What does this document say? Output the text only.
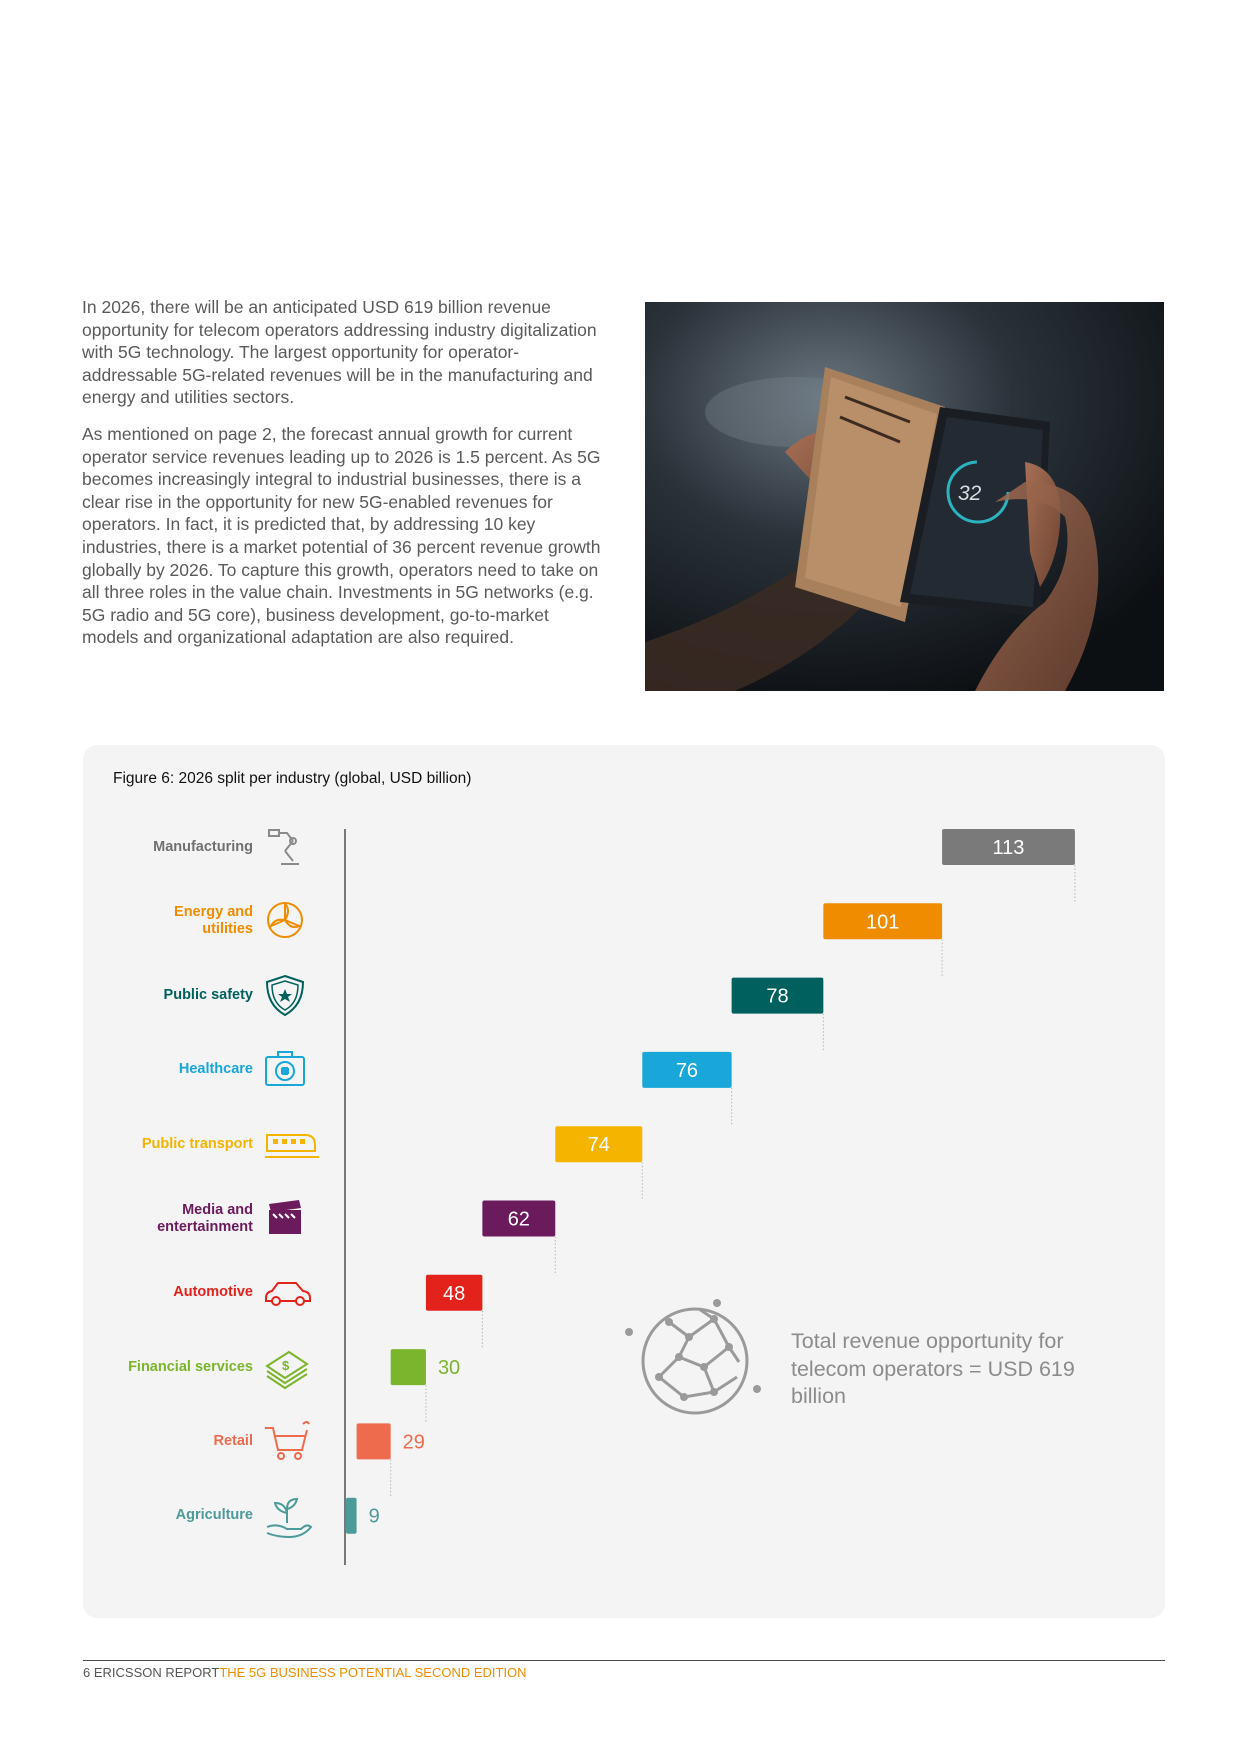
In 2026, there will be an anticipated USD 619 billion revenue opportunity for telecom operators addressing industry digitalization with 5G technology. The largest opportunity for operator-addressable 5G-related revenues will be in the manufacturing and energy and utilities sectors.

As mentioned on page 2, the forecast annual growth for current operator service revenues leading up to 2026 is 1.5 percent. As 5G becomes increasingly integral to industrial businesses, there is a clear rise in the opportunity for new 5G-enabled revenues for operators. In fact, it is predicted that, by addressing 10 key industries, there is a market potential of 36 percent revenue growth globally by 2026. To capture this growth, operators need to take on all three roles in the value chain. Investments in 5G networks (e.g. 5G radio and 5G core), business development, go-to-market models and organizational adaptation are also required.

32
Figure 6: 2026 split per industry (global, USD billion)
Manufacturing
Energy and
utilities
Public safety
Healthcare
Public transport
Media and
entertainment
Automotive
Financial services
Retail
Agriculture
$
113
101
78
76
74
62
48
30
29
9
Total revenue opportunity for telecom operators = USD 619 billion
6 ERICSSON REPORTTHE 5G BUSINESS POTENTIAL SECOND EDITION
